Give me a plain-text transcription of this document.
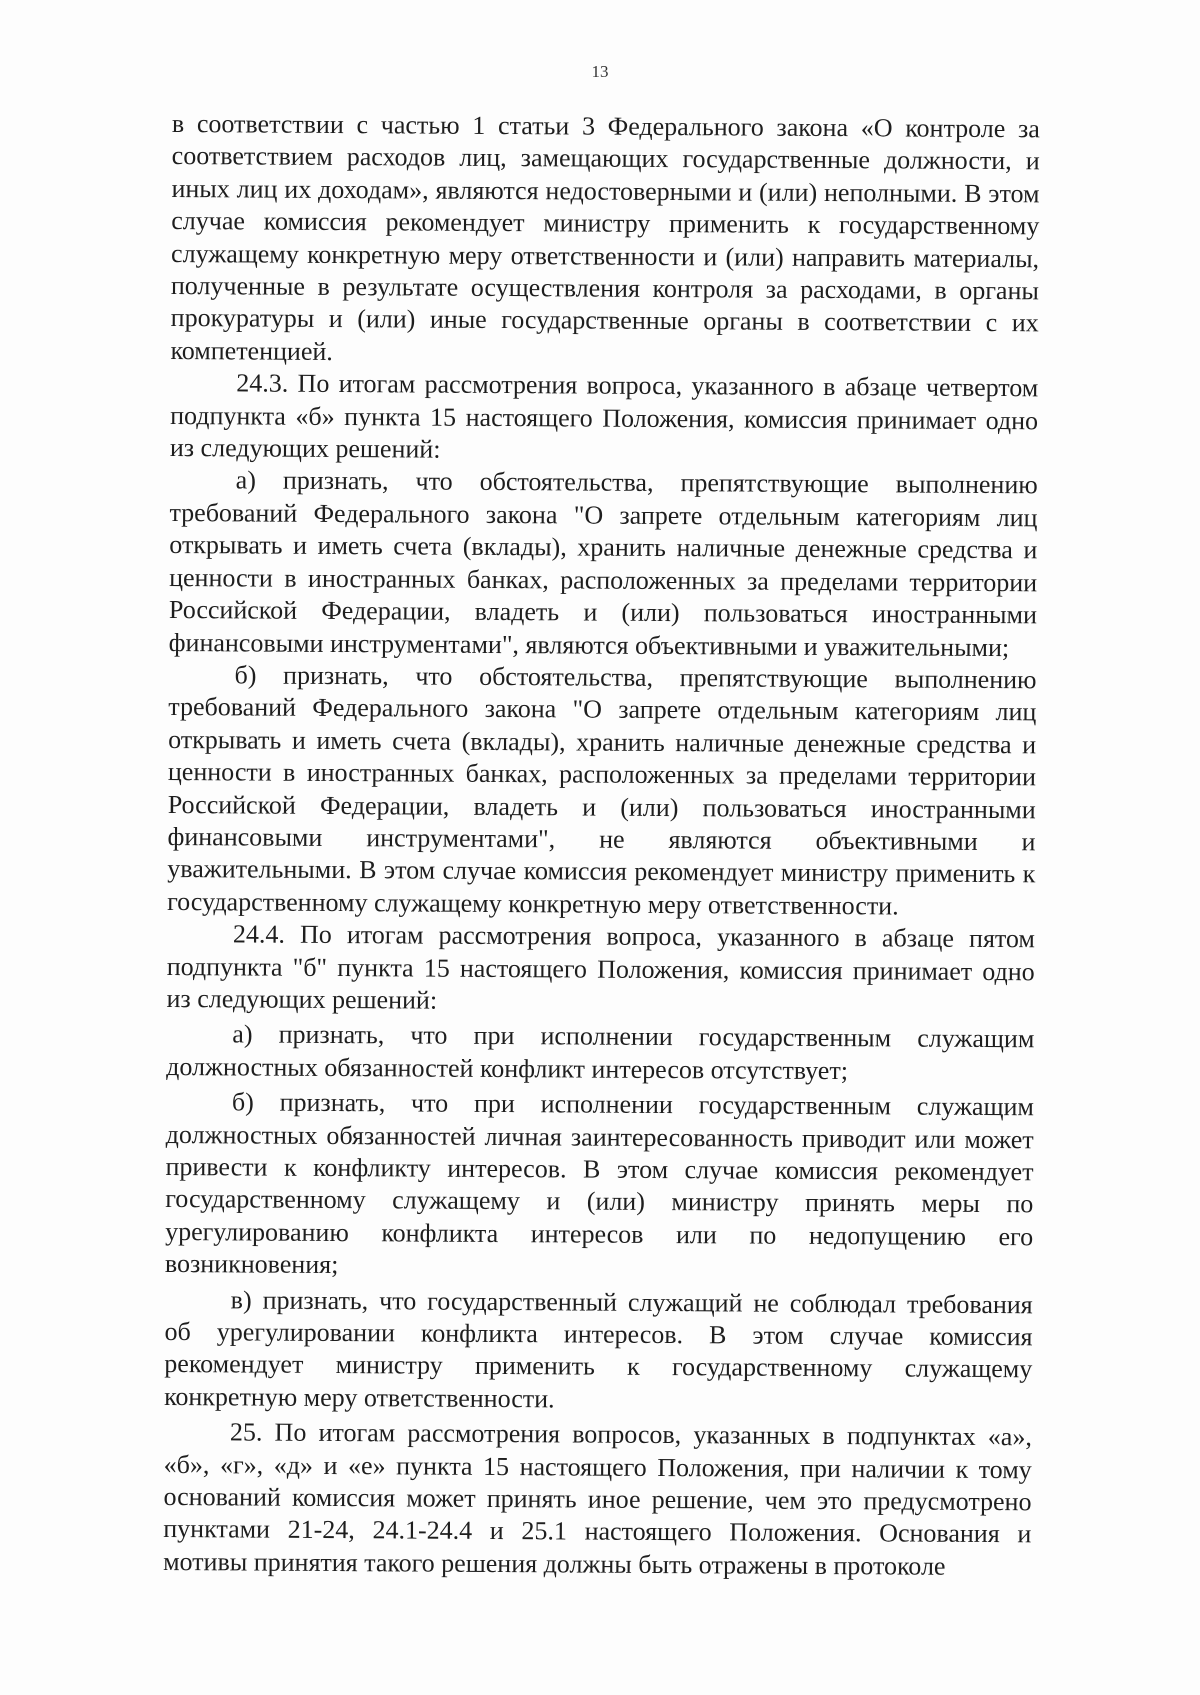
13

в соответствии с частью 1 статьи 3 Федерального закона «О контроле за соответствием расходов лиц, замещающих государственные должности, и иных лиц их доходам», являются недостоверными и (или) неполными. В этом случае комиссия рекомендует министру применить к государственному служащему конкретную меру ответственности и (или) направить материалы, полученные в результате осуществления контроля за расходами, в органы прокуратуры и (или) иные государственные органы в соответствии с их компетенцией.

24.3. По итогам рассмотрения вопроса, указанного в абзаце четвертом подпункта «б» пункта 15 настоящего Положения, комиссия принимает одно из следующих решений:

а) признать, что обстоятельства, препятствующие выполнению требований Федерального закона "О запрете отдельным категориям лиц открывать и иметь счета (вклады), хранить наличные денежные средства и ценности в иностранных банках, расположенных за пределами территории Российской Федерации, владеть и (или) пользоваться иностранными финансовыми инструментами", являются объективными и уважительными;

б) признать, что обстоятельства, препятствующие выполнению требований Федерального закона "О запрете отдельным категориям лиц открывать и иметь счета (вклады), хранить наличные денежные средства и ценности в иностранных банках, расположенных за пределами территории Российской Федерации, владеть и (или) пользоваться иностранными финансовыми инструментами", не являются объективными и уважительными. В этом случае комиссия рекомендует министру применить к государственному служащему конкретную меру ответственности.

24.4. По итогам рассмотрения вопроса, указанного в абзаце пятом подпункта "б" пункта 15 настоящего Положения, комиссия принимает одно из следующих решений:

а) признать, что при исполнении государственным служащим должностных обязанностей конфликт интересов отсутствует;

б) признать, что при исполнении государственным служащим должностных обязанностей личная заинтересованность приводит или может привести к конфликту интересов. В этом случае комиссия рекомендует государственному служащему и (или) министру принять меры по урегулированию конфликта интересов или по недопущению его возникновения;

в) признать, что государственный служащий не соблюдал требования об урегулировании конфликта интересов. В этом случае комиссия рекомендует министру применить к государственному служащему конкретную меру ответственности.

25. По итогам рассмотрения вопросов, указанных в подпунктах «а», «б», «г», «д» и «е» пункта 15 настоящего Положения, при наличии к тому оснований комиссия может принять иное решение, чем это предусмотрено пунктами 21-24, 24.1-24.4 и 25.1 настоящего Положения. Основания и мотивы принятия такого решения должны быть отражены в протоколе
